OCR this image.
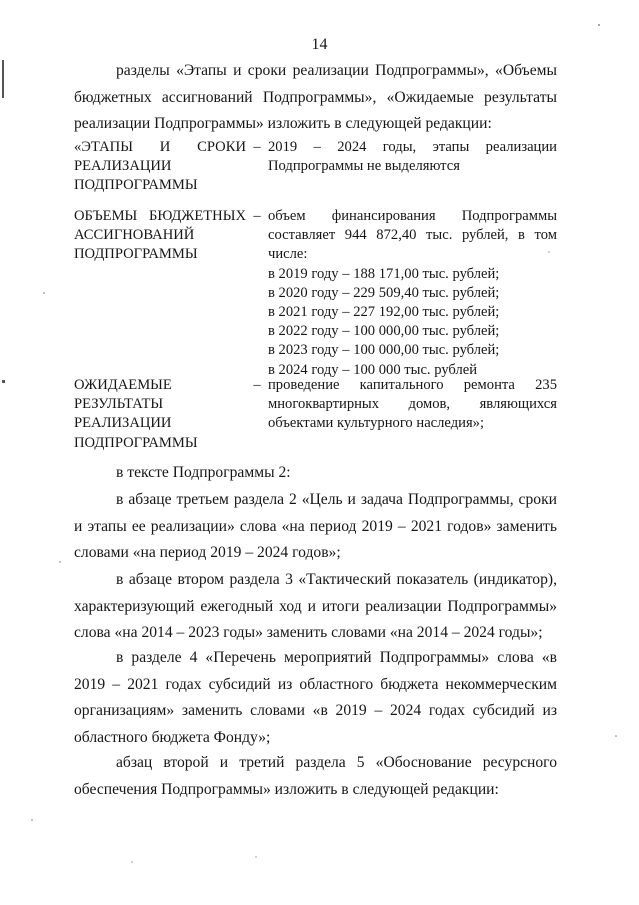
14

разделы «Этапы и сроки реализации Подпрограммы», «Объемы бюджетных ассигнований Подпрограммы», «Ожидаемые результаты реализации Подпрограммы» изложить в следующей редакции:

«ЭТАПЫ И СРОКИ РЕАЛИЗАЦИИ ПОДПРОГРАММЫ
– 2019 – 2024 годы, этапы реализации Подпрограммы не выделяются
ОБЪЕМЫ БЮДЖЕТНЫХ АССИГНОВАНИЙ ПОДПРОГРАММЫ
– объем финансирования Подпрограммы составляет 944 872,40 тыс. рублей, в том числе:
в 2019 году – 188 171,00 тыс. рублей;
в 2020 году – 229 509,40 тыс. рублей;
в 2021 году – 227 192,00 тыс. рублей;
в 2022 году – 100 000,00 тыс. рублей;
в 2023 году – 100 000,00 тыс. рублей;
в 2024 году – 100 000 тыс. рублей
ОЖИДАЕМЫЕ РЕЗУЛЬТАТЫ РЕАЛИЗАЦИИ ПОДПРОГРАММЫ
– проведение капитального ремонта 235 многоквартирных домов, являющихся объектами культурного наследия»;

в тексте Подпрограммы 2:

в абзаце третьем раздела 2 «Цель и задача Подпрограммы, сроки и этапы ее реализации» слова «на период 2019 – 2021 годов» заменить словами «на период 2019 – 2024 годов»;

в абзаце втором раздела 3 «Тактический показатель (индикатор), характеризующий ежегодный ход и итоги реализации Подпрограммы» слова «на 2014 – 2023 годы» заменить словами «на 2014 – 2024 годы»;

в разделе 4 «Перечень мероприятий Подпрограммы» слова «в 2019 – 2021 годах субсидий из областного бюджета некоммерческим организациям» заменить словами «в 2019 – 2024 годах субсидий из областного бюджета Фонду»;

абзац второй и третий раздела 5 «Обоснование ресурсного обеспечения Подпрограммы» изложить в следующей редакции:
